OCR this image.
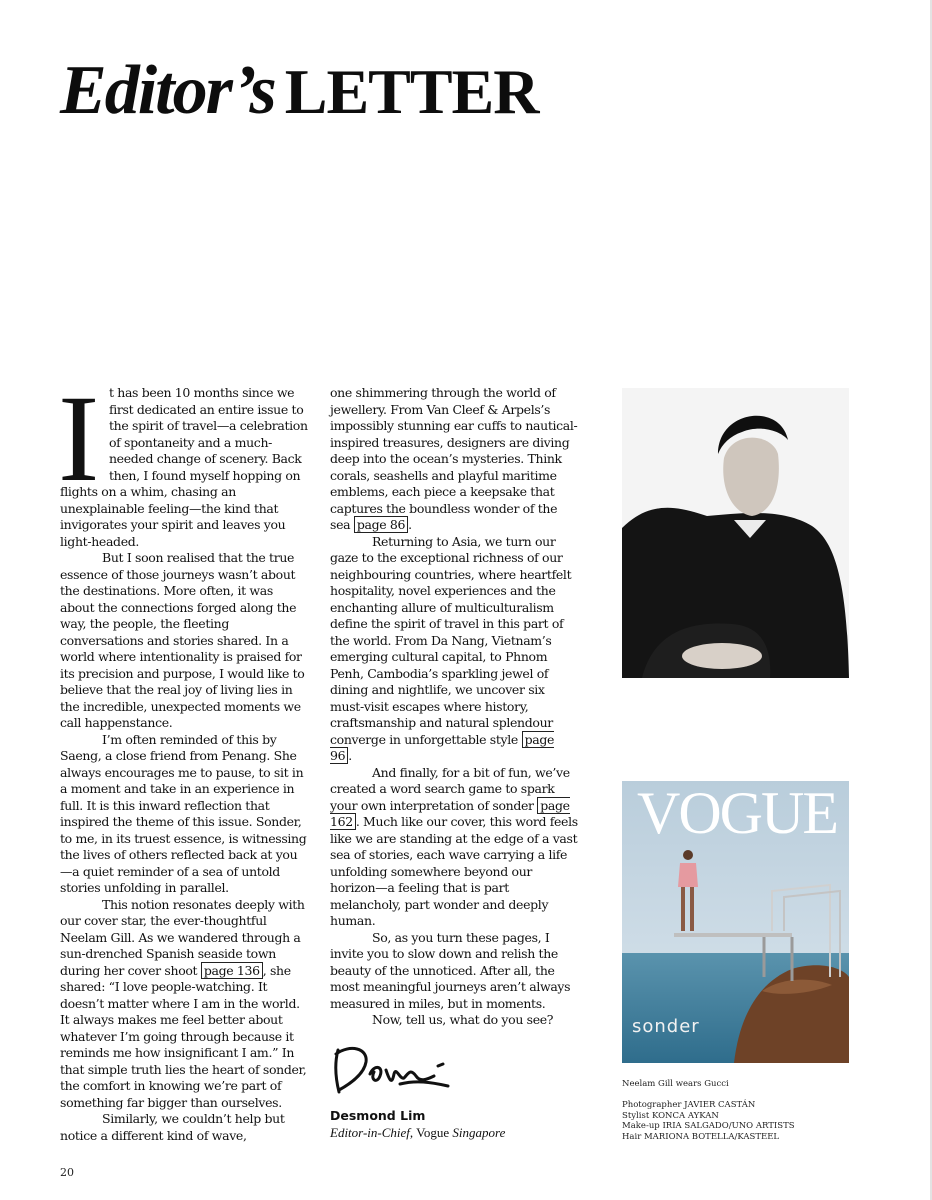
Editor’s LETTER

It has been 10 months since we first dedicated an entire issue to the spirit of travel—a celebration of spontaneity and a much-needed change of scenery. Back then, I found myself hopping on flights on a whim, chasing an unexplainable feeling—the kind that invigorates your spirit and leaves you light-headed.

But I soon realised that the true essence of those journeys wasn’t about the destinations. More often, it was about the connections forged along the way, the people, the fleeting conversations and stories shared. In a world where intentionality is praised for its precision and purpose, I would like to believe that the real joy of living lies in the incredible, unexpected moments we call happenstance.

I’m often reminded of this by Saeng, a close friend from Penang. She always encourages me to pause, to sit in a moment and take in an experience in full. It is this inward reflection that inspired the theme of this issue. Sonder, to me, in its truest essence, is witnessing the lives of others reflected back at you—a quiet reminder of a sea of untold stories unfolding in parallel.

This notion resonates deeply with our cover star, the ever-thoughtful Neelam Gill. As we wandered through a sun-drenched Spanish seaside town during her cover shoot page 136 , she shared: “I love people-watching. It doesn’t matter where I am in the world. It always makes me feel better about whatever I’m going through because it reminds me how insignificant I am.” In that simple truth lies the heart of sonder, the comfort in knowing we’re part of something far bigger than ourselves.

Similarly, we couldn’t help but notice a different kind of wave,

one shimmering through the world of jewellery. From Van Cleef & Arpels’s impossibly stunning ear cuffs to nautical-inspired treasures, designers are diving deep into the ocean’s mysteries. Think corals, seashells and playful maritime emblems, each piece a keepsake that captures the boundless wonder of the sea page 86 .

Returning to Asia, we turn our gaze to the exceptional richness of our neighbouring countries, where heartfelt hospitality, novel experiences and the enchanting allure of multiculturalism define the spirit of travel in this part of the world. From Da Nang, Vietnam’s emerging cultural capital, to Phnom Penh, Cambodia’s sparkling jewel of dining and nightlife, we uncover six must-visit escapes where history, craftsmanship and natural splendour converge in unforgettable style page 96 .

And finally, for a bit of fun, we’ve created a word search game to spark your own interpretation of sonder page 162 . Much like our cover, this word feels like we are standing at the edge of a vast sea of stories, each wave carrying a life unfolding somewhere beyond our horizon—a feeling that is part melancholy, part wonder and deeply human.

So, as you turn these pages, I invite you to slow down and relish the beauty of the unnoticed. After all, the most meaningful journeys aren’t always measured in miles, but in moments.

Now, tell us, what do you see?

Desmond Lim
Editor-in-Chief, Vogue Singapore
VOGUE
sonder
Neelam Gill wears Gucci
Photographer JAVIER CASTÁN
Stylist KONCA AYKAN
Make-up IRIA SALGADO/UNO ARTISTS
Hair MARIONA BOTELLA/KASTEEL
20
